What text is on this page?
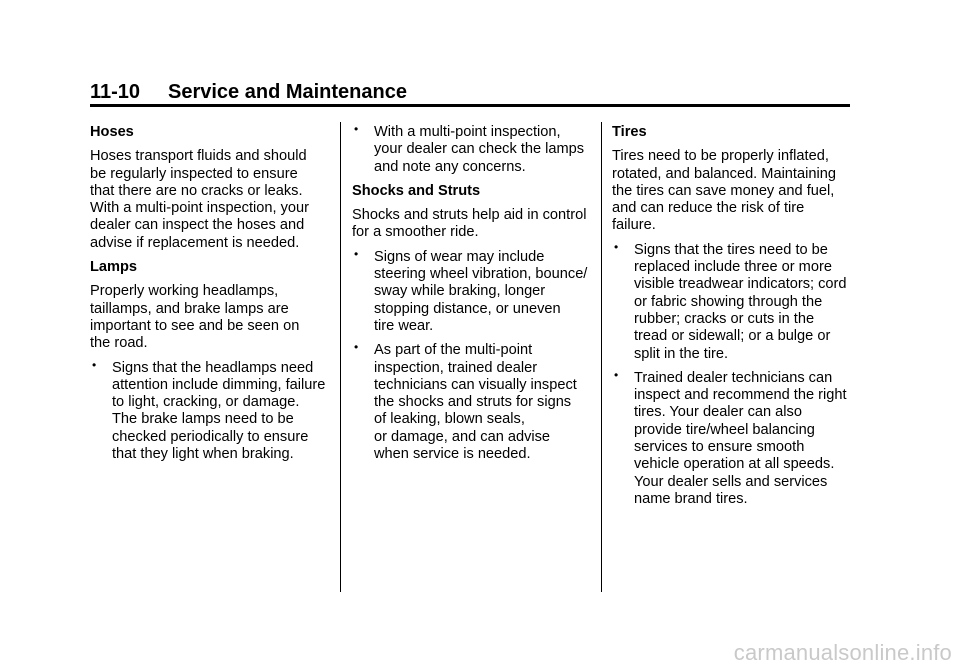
11-10 Service and Maintenance
Hoses
Hoses transport fluids and should
be regularly inspected to ensure
that there are no cracks or leaks.
With a multi-point inspection, your
dealer can inspect the hoses and
advise if replacement is needed.
Lamps
Properly working headlamps,
taillamps, and brake lamps are
important to see and be seen on
the road.
• Signs that the headlamps need
attention include dimming, failure
to light, cracking, or damage.
The brake lamps need to be
checked periodically to ensure
that they light when braking.
• With a multi-point inspection,
your dealer can check the lamps
and note any concerns.
Shocks and Struts
Shocks and struts help aid in control
for a smoother ride.
• Signs of wear may include
steering wheel vibration, bounce/
sway while braking, longer
stopping distance, or uneven
tire wear.
• As part of the multi-point
inspection, trained dealer
technicians can visually inspect
the shocks and struts for signs
of leaking, blown seals,
or damage, and can advise
when service is needed.
Tires
Tires need to be properly inflated,
rotated, and balanced. Maintaining
the tires can save money and fuel,
and can reduce the risk of tire
failure.
• Signs that the tires need to be
replaced include three or more
visible treadwear indicators; cord
or fabric showing through the
rubber; cracks or cuts in the
tread or sidewall; or a bulge or
split in the tire.
• Trained dealer technicians can
inspect and recommend the right
tires. Your dealer can also
provide tire/wheel balancing
services to ensure smooth
vehicle operation at all speeds.
Your dealer sells and services
name brand tires.
carmanualsonline.info
